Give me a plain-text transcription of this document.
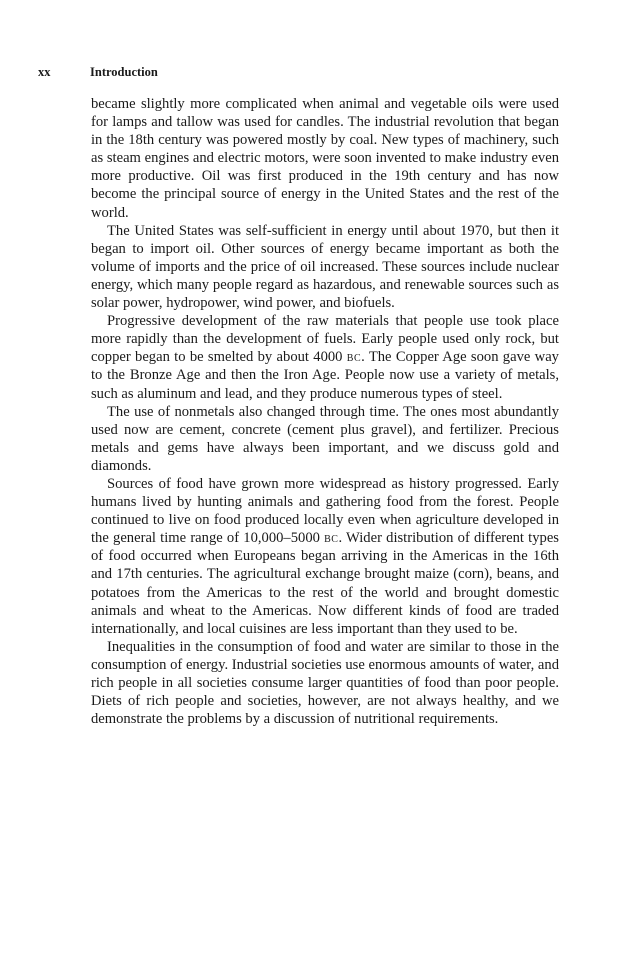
xx	Introduction

became slightly more complicated when animal and vegetable oils were used for lamps and tallow was used for candles. The industrial revolution that began in the 18th century was powered mostly by coal. New types of machinery, such as steam engines and electric motors, were soon invented to make industry even more productive. Oil was first produced in the 19th century and has now become the principal source of energy in the United States and the rest of the world.

The United States was self-sufficient in energy until about 1970, but then it began to import oil. Other sources of energy became important as both the volume of imports and the price of oil increased. These sources include nuclear energy, which many people regard as hazardous, and renewable sources such as solar power, hydropower, wind power, and biofuels.

Progressive development of the raw materials that people use took place more rapidly than the development of fuels. Early people used only rock, but copper began to be smelted by about 4000 bc. The Copper Age soon gave way to the Bronze Age and then the Iron Age. People now use a variety of metals, such as aluminum and lead, and they produce numerous types of steel.

The use of nonmetals also changed through time. The ones most abundantly used now are cement, concrete (cement plus gravel), and fertilizer. Precious metals and gems have always been important, and we discuss gold and diamonds.

Sources of food have grown more widespread as history progressed. Early humans lived by hunting animals and gathering food from the forest. People continued to live on food produced locally even when agriculture developed in the general time range of 10,000–5000 bc. Wider distribution of different types of food occurred when Europeans began arriving in the Americas in the 16th and 17th centuries. The agricultural exchange brought maize (corn), beans, and potatoes from the Americas to the rest of the world and brought domestic animals and wheat to the Americas. Now different kinds of food are traded internationally, and local cuisines are less important than they used to be.

Inequalities in the consumption of food and water are similar to those in the consumption of energy. Industrial societies use enormous amounts of water, and rich people in all societies consume larger quantities of food than poor people. Diets of rich people and societies, however, are not always healthy, and we demonstrate the problems by a discussion of nutritional requirements.
